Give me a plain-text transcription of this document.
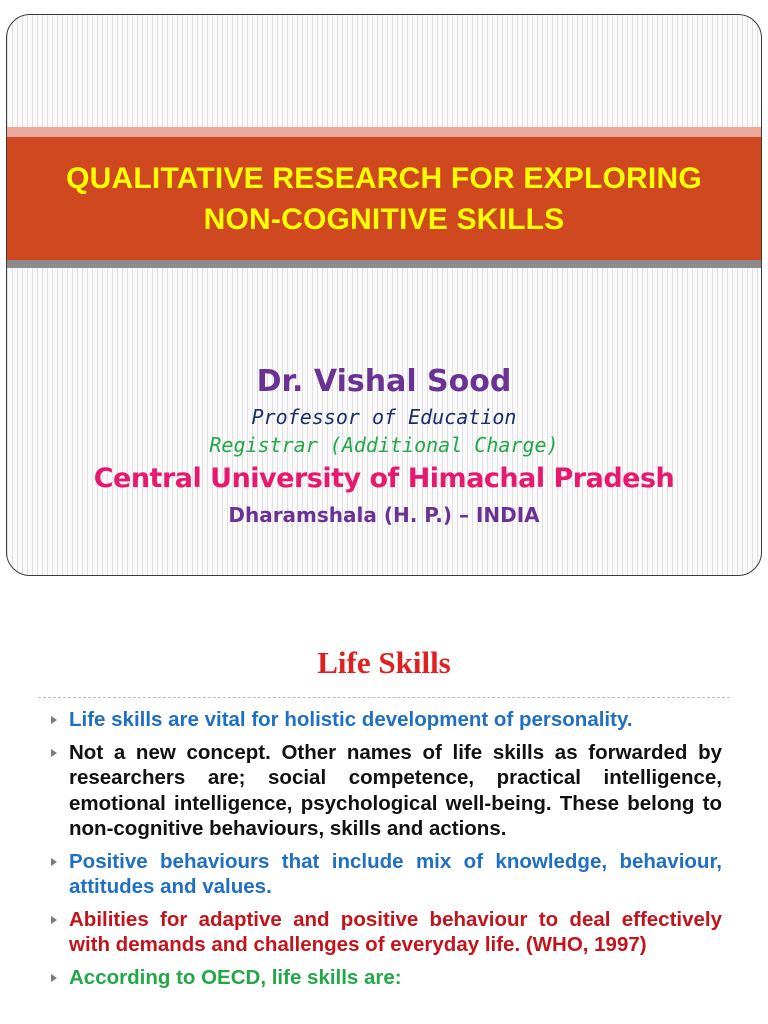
QUALITATIVE RESEARCH FOR EXPLORING
NON-COGNITIVE SKILLS
Dr. Vishal Sood
Professor of Education
Registrar (Additional Charge)
Central University of Himachal Pradesh
Dharamshala (H. P.) – INDIA
Life Skills
Life skills are vital for holistic development of personality.
Not a new concept. Other names of life skills as forwarded by researchers are; social competence, practical intelligence, emotional intelligence, psychological well-being. These belong to non-cognitive behaviours, skills and actions.
Positive behaviours that include mix of knowledge, behaviour, attitudes and values.
Abilities for adaptive and positive behaviour to deal effectively with demands and challenges of everyday life. (WHO, 1997)
According to OECD, life skills are:
